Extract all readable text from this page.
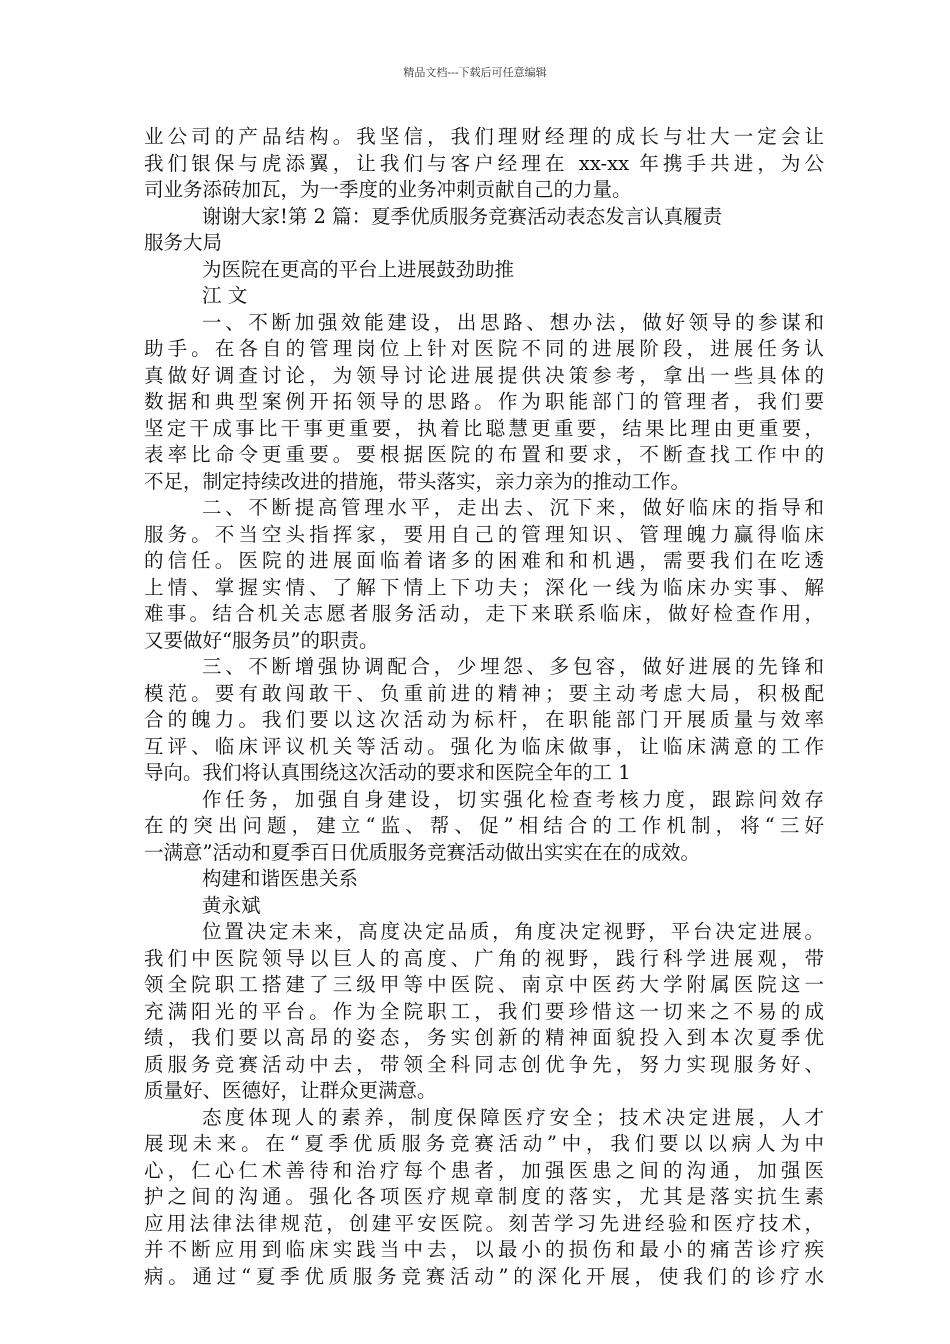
精品文档---下载后可任意编辑
业公司的产品结构。我坚信，我们理财经理的成长与壮大一定会让
我们银保与虎添翼，让我们与客户经理在 xx-xx 年携手共进，为公
司业务添砖加瓦，为一季度的业务冲刺贡献自己的力量。
谢谢大家!第 2 篇：夏季优质服务竞赛活动表态发言认真履责
服务大局
为医院在更高的平台上进展鼓劲助推
江 文
一、不断加强效能建设，出思路、想办法，做好领导的参谋和
助手。在各自的管理岗位上针对医院不同的进展阶段，进展任务认
真做好调查讨论，为领导讨论进展提供决策参考，拿出一些具体的
数据和典型案例开拓领导的思路。作为职能部门的管理者，我们要
坚定干成事比干事更重要，执着比聪慧更重要，结果比理由更重要，
表率比命令更重要。要根据医院的布置和要求，不断查找工作中的
不足，制定持续改进的措施，带头落实，亲力亲为的推动工作。
二、不断提高管理水平，走出去、沉下来，做好临床的指导和
服务。不当空头指挥家，要用自己的管理知识、管理魄力赢得临床
的信任。医院的进展面临着诸多的困难和和机遇，需要我们在吃透
上情、掌握实情、了解下情上下功夫；深化一线为临床办实事、解
难事。结合机关志愿者服务活动，走下来联系临床，做好检查作用，
又要做好“服务员”的职责。
三、不断增强协调配合，少埋怨、多包容，做好进展的先锋和
模范。要有敢闯敢干、负重前进的精神；要主动考虑大局，积极配
合的魄力。我们要以这次活动为标杆，在职能部门开展质量与效率
互评、临床评议机关等活动。强化为临床做事，让临床满意的工作
导向。我们将认真围绕这次活动的要求和医院全年的工 1
作任务，加强自身建设，切实强化检查考核力度，跟踪问效存
在的突出问题，建立“监、帮、促”相结合的工作机制，将“三好
一满意”活动和夏季百日优质服务竞赛活动做出实实在在的成效。
构建和谐医患关系
黄永斌
位置决定未来，高度决定品质，角度决定视野，平台决定进展。
我们中医院领导以巨人的高度、广角的视野，践行科学进展观，带
领全院职工搭建了三级甲等中医院、南京中医药大学附属医院这一
充满阳光的平台。作为全院职工，我们要珍惜这一切来之不易的成
绩，我们要以高昂的姿态，务实创新的精神面貌投入到本次夏季优
质服务竞赛活动中去，带领全科同志创优争先，努力实现服务好、
质量好、医德好，让群众更满意。
态度体现人的素养，制度保障医疗安全；技术决定进展，人才
展现未来。在“夏季优质服务竞赛活动”中，我们要以以病人为中
心，仁心仁术善待和治疗每个患者，加强医患之间的沟通，加强医
护之间的沟通。强化各项医疗规章制度的落实，尤其是落实抗生素
应用法律法律规范，创建平安医院。刻苦学习先进经验和医疗技术，
并不断应用到临床实践当中去，以最小的损伤和最小的痛苦诊疗疾
病。通过“夏季优质服务竞赛活动”的深化开展，使我们的诊疗水
